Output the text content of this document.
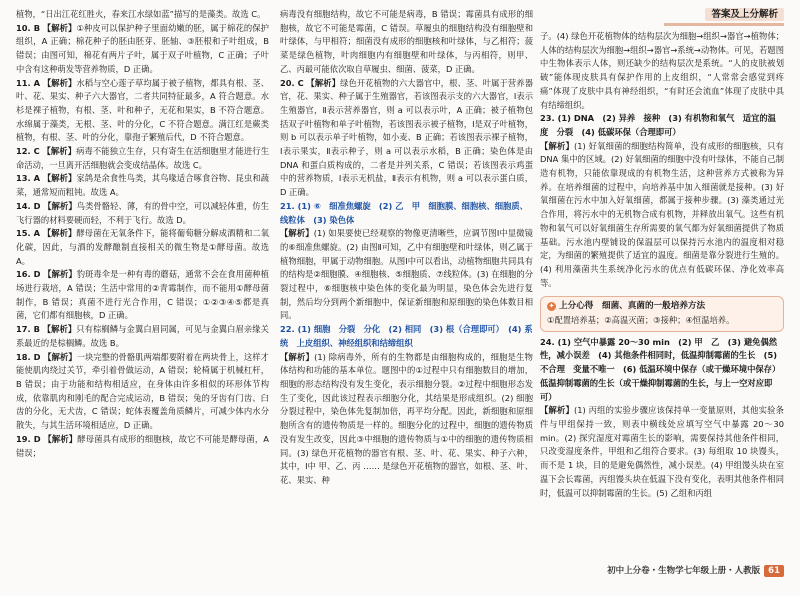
答案及上分解析

植物，“日出江花红胜火，春来江水绿如蓝”描写的是藻类。故选 C。

10. B 【解析】①种皮可以保护种子里面幼嫩的胚，属于棉花的保护组织，A 正确；棉花种子的胚由胚芽、胚轴、③胚根和子叶组成，B 错误；由图可知，棉花有两片子叶，属于双子叶植物，C 正确；子叶中含有这种萌发等营养物质，D 正确。

11. A 【解析】水稻与空心莲子草均属于被子植物，都具有根、茎、叶、花、果实、种子六大器官，二者共同特征最多，A 符合题意。水杉是裸子植物，有根、茎、叶和种子，无花和果实，B 不符合题意。水绵属于藻类，无根、茎、叶的分化，C 不符合题意。满江红是蕨类植物，有根、茎、叶的分化，靠孢子繁殖后代，D 不符合题意。

12. C 【解析】病毒不能独立生存，只有寄生在活细胞里才能进行生命活动，一旦离开活细胞就会变成结晶体。故选 C。

13. A 【解析】家鸽是余食性鸟类，其鸟喙适合啄食谷物、昆虫和蔬菜，通常短而粗钝。故选 A。

14. D 【解析】鸟类骨骼轻、薄，有的骨中空，可以减轻体重，仿生飞行器的材料要硬而轻，不利于飞行。故选 D。

15. A 【解析】酵母菌在无氧条件下，能将葡萄糖分解成酒精和二氧化碳，因此，与酒的发酵酿制直接相关的微生物是①酵母菌。故选 A。

16. D 【解析】豹斑毒伞是一种有毒的蘑菇，通常不会在食用菌种植场进行栽培，A 错误；生活中常用的②青霉制作，而不能用①酵母菌制作，B 错误；真菌不进行光合作用，C 错误；①②③④⑤都是真菌，它们都有细胞核，D 正确。

17. B 【解析】只有棕榈鳞与金翼白眉同属，可见与金翼白眉亲缘关系最近的是棕榈鳞。故选 B。

18. D 【解析】一块完整的骨骼肌两端都要附着在两块骨上，这样才能使肌肉绕过关节，牵引着骨做运动，A 错误；轮椅属于机械杠杆，B 错误；由于功能和结构相适应，在身体由许多相似的环形体节构成，依靠肌肉和刚毛的配合完成运动，B 错误；兔的牙齿有门齿、臼齿的分化，无犬齿，C 错误；蛇体表覆盖角质鳞片，可减少体内水分散失，与其生活环境相适应，D 正确。

19. D 【解析】酵母菌具有成形的细胞核，故它不可能是酵母菌，A 错误；

病毒没有细胞结构，故它不可能是病毒，B 错误；霉菌具有成形的细胞核，故它不可能是霉菌，C 错误。草履虫的细胞结构没有细胞壁和叶绿体，与甲相符；细菌没有成形的细胞核和叶绿体，与乙相符；菠菜是绿色植物，叶肉细胞内有细胞壁和叶绿体，与丙相符，则甲、乙、丙最可能依次取自草履虫、细菌、菠菜，D 正确。

20. C 【解析】绿色开花植物的六大器官中，根、茎、叶属于营养器官，花、果实、种子属于生殖器官，若该图表示支的六大器官，Ⅰ表示生殖器官，Ⅱ表示营养器官，则 a 可以表示叶，A 正确；被子植物包括双子叶植物和单子叶植物，若该图表示被子植物，Ⅰ是双子叶植物，则 b 可以表示单子叶植物，如小麦、B 正确；若该图表示裸子植物，Ⅰ表示果实，Ⅱ表示种子，则 a 可以表示水稻，B 正确；染色体是由 DNA 和蛋白质构成的，二者是并列关系，C 错误；若该图表示鸡蛋中的营养物质，Ⅰ表示无机盐，Ⅱ表示有机物，则 a 可以表示蛋白质，D 正确。

21. (1) ⑥　细准焦螺旋　(2) 乙　甲　细胞膜、细胞核、细胞质、线粒体　(3) 染色体

【解析】(1) 如果要使已经观察的物像更清晰些，应调节图Ⅰ中显微镜的⑥细准焦螺旋。(2) 由图Ⅱ可知，乙中有细胞壁和叶绿体，则乙属于植物细胞，甲属于动物细胞。从图Ⅰ中可以看出，动植物细胞共同具有的结构是②细胞膜、④细胞核、⑤细胞质、⑦线粒体。(3) 在细胞的分裂过程中，⑥细胞核中染色体的变化最为明显，染色体会先进行复制，然后均分到两个新细胞中，保证新细胞和原细胞的染色体数目相同。

22. (1) 细胞　分裂　分化　(2) 相同　(3) 根（合理即可）　(4) 系统　上皮组织、神经组织和结缔组织

【解析】(1) 除病毒外，所有的生物都是由细胞构成的，细胞是生物体结构和功能的基本单位。题图中的①过程中只有细胞数目的增加，细胞的形态结构没有发生变化，表示细胞分裂。②过程中细胞形态发生了变化，因此该过程表示细胞分化，其结果是形成组织。(2) 细胞分裂过程中，染色体先复制加倍，再平均分配。因此，新细胞和原细胞所含有的遗传物质是一样的。细胞分化的过程中，细胞的遗传物质没有发生改变，因此③中细胞的遗传物质与①中的细胞的遗传物质相同。(3) 绿色开花植物的器官有根、茎、叶、花、果实、种子六种，其中，Ⅰ中 甲、乙、丙 …… 是绿色开花植物的器官，如根、茎、叶、花、果实、种

子。(4) 绿色开花植物体的结构层次为细胞→组织→器官→植物体；人体的结构层次为细胞→组织→器官→系统→动物体。可见，若题图中生物体表示人体，则还缺少的结构层次是系统。“人的皮肤被划破”能体现皮肤具有保护作用的上皮组织，“人常常会感觉到疼痛”体现了皮肤中具有神经组织，“有时还会流血”体现了皮肤中具有结缔组织。

23. (1) DNA　(2) 异养　接种　(3) 有机物和氧气　适宜的温度　分裂　(4) 低碳环保（合理即可）

【解析】(1) 好氧细菌的细胞结构简单，没有成形的细胞核，只有 DNA 集中的区域。(2) 好氧细菌的细胞中没有叶绿体，不能自己制造有机物，只能依靠现成的有机物生活，这种营养方式被称为异养。在培养细菌的过程中，向培养基中加入细菌就是接种。(3) 好氧细菌在污水中加入好氧细菌，都属于接种步骤。(3) 藻类通过光合作用，将污水中的无机物合成有机物，并释放出氧气。这些有机物和氧气可以好氧细菌生存所需要的氧气都为好氧细菌提供了物质基础。污水池内壁铺设的保温层可以保持污水池内的温度相对稳定，为细菌的繁殖提供了适宜的温度。细菌是靠分裂进行生殖的。(4) 利用藻菌共生系统净化污水的优点有低碳环保、净化效率高等。

✦ 上分心得　细菌、真菌的一般培养方法
①配置培养基；②高温灭菌；③接种；④恒温培养。

24. (1) 空气中暴露 20～30 min　(2) 甲　乙　(3) 避免偶然性，减小误差　(4) 其他条件相同时，低温抑制霉菌的生长　(5) 不合理　变量不唯一　(6) 低温环境中保存（或干燥环境中保存）　低温抑制霉菌的生长（或干燥抑制霉菌的生长，与上一空对应即可）

【解析】(1) 丙组的实验步骤应该保持单一变量原则，其他实验条件与甲组保持一致，则表中横线处应填写空气中暴露 20～30 min。(2) 探究湿度对霉菌生长的影响，需要保持其他条件相同，只改变湿度条件，甲组和乙组符合要求。(3) 每组取 10 块馒头，而不是 1 块，目的是避免偶然性，减小误差。(4) 甲组馒头块在室温下会长霉菌，丙组馒头块在低温下没有变化，表明其他条件相同时，低温可以抑制霉菌的生长。(5) 乙组和丙组

初中上分卷・生物学七年级上册・人教版 61
